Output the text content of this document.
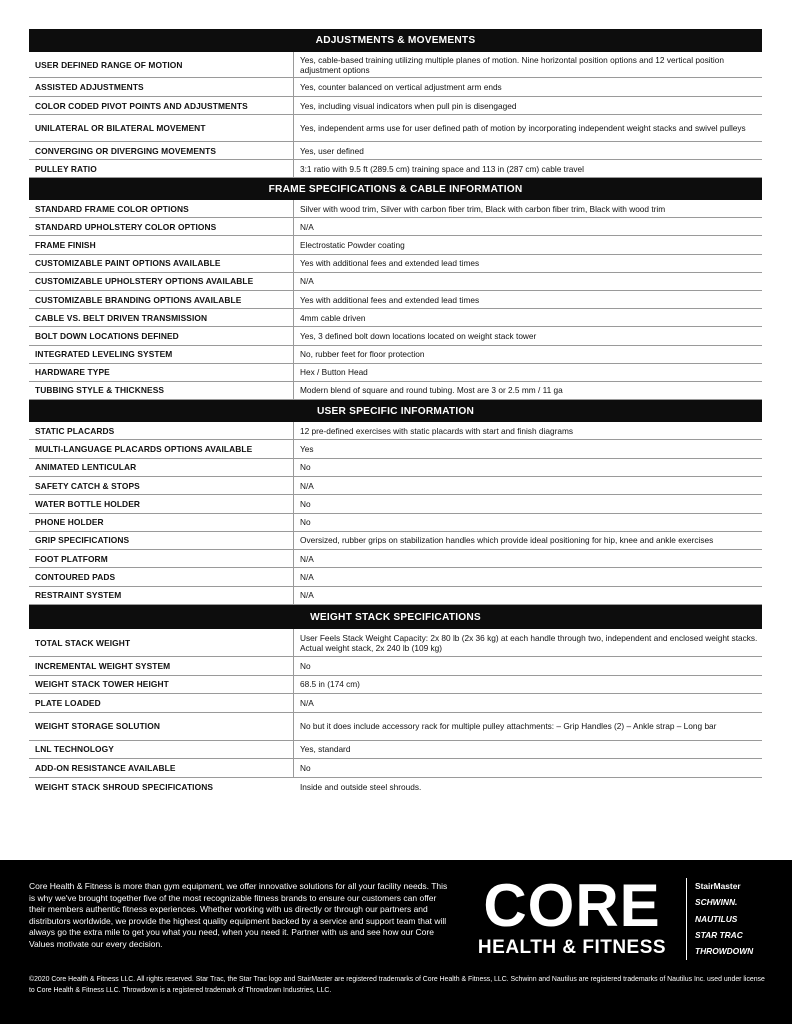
ADJUSTMENTS & MOVEMENTS
USER DEFINED RANGE OF MOTION	Yes, cable-based training utilizing multiple planes of motion. Nine horizontal position options and 12 vertical position adjustment options
ASSISTED ADJUSTMENTS	Yes, counter balanced on vertical adjustment arm ends
COLOR CODED PIVOT POINTS AND ADJUSTMENTS	Yes, including visual indicators when pull pin is disengaged
UNILATERAL OR BILATERAL MOVEMENT	Yes, independent arms use for user defined path of motion by incorporating independent weight stacks and swivel pulleys
CONVERGING OR DIVERGING MOVEMENTS	Yes, user defined
PULLEY RATIO	3:1 ratio with 9.5 ft (289.5 cm) training space and 113 in (287 cm) cable travel
FRAME SPECIFICATIONS & CABLE INFORMATION
STANDARD FRAME COLOR OPTIONS	Silver with wood trim, Silver with carbon fiber trim, Black with carbon fiber trim, Black with wood trim
STANDARD UPHOLSTERY COLOR OPTIONS	N/A
FRAME FINISH	Electrostatic Powder coating
CUSTOMIZABLE PAINT OPTIONS AVAILABLE	Yes with additional fees and extended lead times
CUSTOMIZABLE UPHOLSTERY OPTIONS AVAILABLE	N/A
CUSTOMIZABLE BRANDING OPTIONS AVAILABLE	Yes with additional fees and extended lead times
CABLE VS. BELT DRIVEN TRANSMISSION	4mm cable driven
BOLT DOWN LOCATIONS DEFINED	Yes, 3 defined bolt down locations located on weight stack tower
INTEGRATED LEVELING SYSTEM	No, rubber feet for floor protection
HARDWARE TYPE	Hex / Button Head
TUBBING STYLE & THICKNESS	Modern blend of square and round tubing. Most are 3 or 2.5 mm / 11 ga
USER SPECIFIC INFORMATION
STATIC PLACARDS	12 pre-defined exercises with static placards with start and finish diagrams
MULTI-LANGUAGE PLACARDS OPTIONS AVAILABLE	Yes
ANIMATED LENTICULAR	No
SAFETY CATCH & STOPS	N/A
WATER BOTTLE HOLDER	No
PHONE HOLDER	No
GRIP SPECIFICATIONS	Oversized, rubber grips on stabilization handles which provide ideal positioning for hip, knee and ankle exercises
FOOT PLATFORM	N/A
CONTOURED PADS	N/A
RESTRAINT SYSTEM	N/A
WEIGHT STACK SPECIFICATIONS
TOTAL STACK WEIGHT	User Feels Stack Weight Capacity: 2x 80 lb (2x 36 kg) at each handle through two, independent and enclosed weight stacks. Actual weight stack, 2x 240 lb (109 kg)
INCREMENTAL WEIGHT SYSTEM	No
WEIGHT STACK TOWER HEIGHT	68.5 in (174 cm)
PLATE LOADED	N/A
WEIGHT STORAGE SOLUTION	No but it does include accessory rack for multiple pulley attachments: – Grip Handles (2) – Ankle strap – Long bar
LNL TECHNOLOGY	Yes, standard
ADD-ON RESISTANCE AVAILABLE	No
WEIGHT STACK SHROUD SPECIFICATIONS	Inside and outside steel shrouds.
Core Health & Fitness is more than gym equipment, we offer innovative solutions for all your facility needs. This is why we've brought together five of the most recognizable fitness brands to ensure our customers can offer their members authentic fitness experiences. Whether working with us directly or through our partners and distributors worldwide, we provide the highest quality equipment backed by a service and support team that will always go the extra mile to get you what you need, when you need it. Partner with us and see how our Core Values motivate our every decision.
CORE
HEALTH & FITNESS
StairMaster
SCHWINN.
NAUTILUS
STAR TRAC
THROWDOWN
©2020 Core Health & Fitness LLC. All rights reserved. Star Trac, the Star Trac logo and StairMaster are registered trademarks of Core Health & Fitness, LLC. Schwinn and Nautilus are registered trademarks of Nautilus Inc. used under license to Core Health & Fitness LLC. Throwdown is a registered trademark of Throwdown Industries, LLC.
